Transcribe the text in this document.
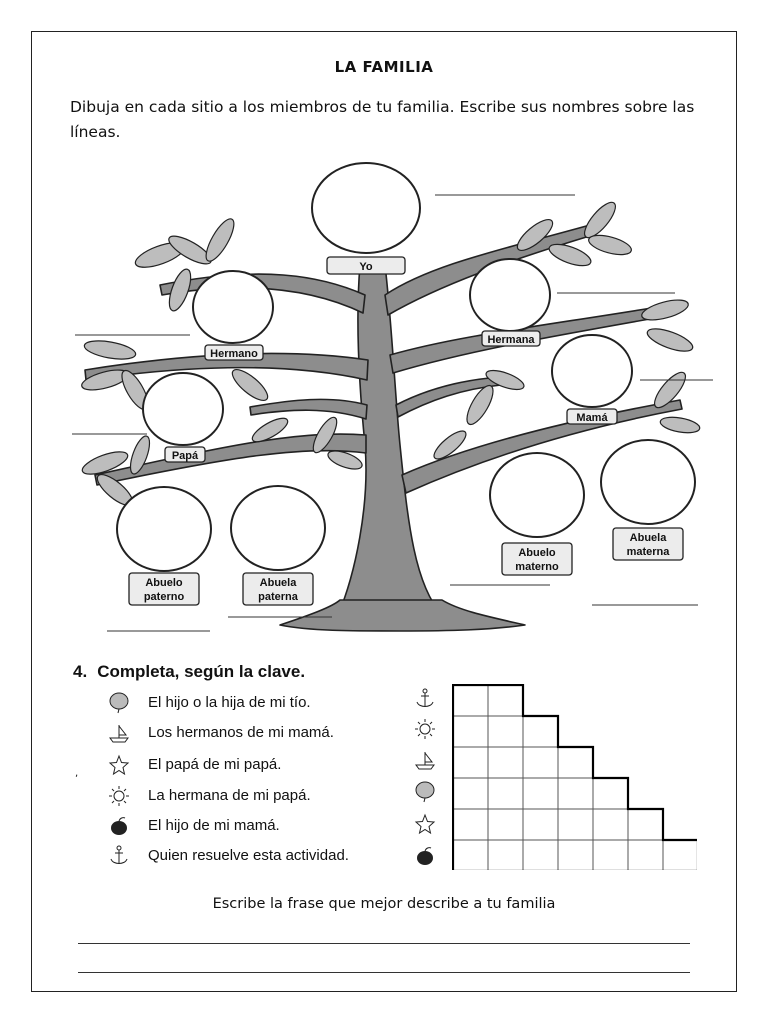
LA FAMILIA
Dibuja en cada sitio a los miembros de tu familia. Escribe sus nombres sobre las líneas.
Yo
Hermano
Hermana
Mamá
Papá
Abuelo
materno
Abuela
materna
Abuelo
paterno
Abuela
paterna
4. Completa, según la clave.
,
El hijo o la hija de mi tío.
Los hermanos de mi mamá.
El papá de mi papá.
La hermana de mi papá.
El hijo de mi mamá.
Quien resuelve esta actividad.
Escribe la frase que mejor describe a tu familia
